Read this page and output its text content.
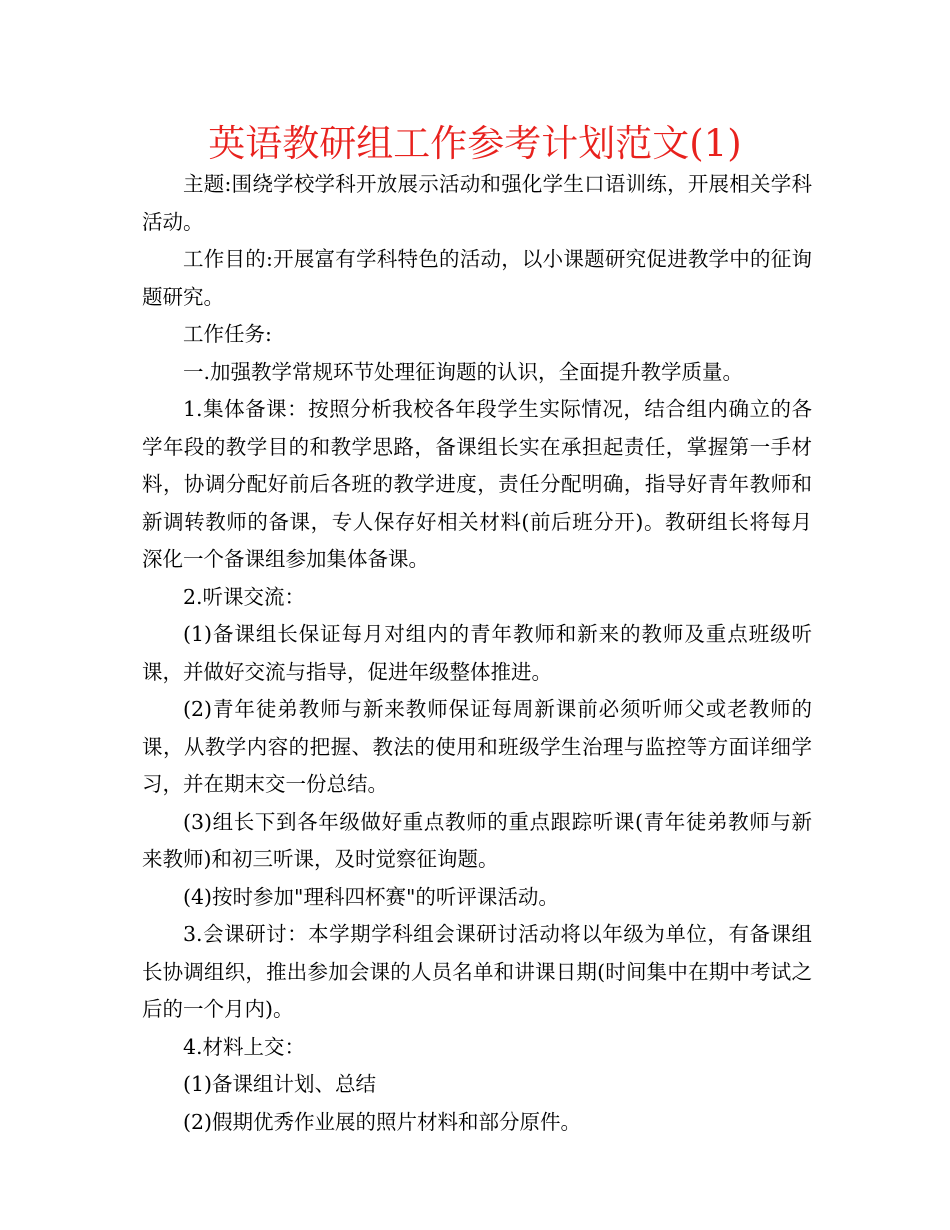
英语教研组工作参考计划范文(1)

主题:围绕学校学科开放展示活动和强化学生口语训练，开展相关学科活动。

工作目的:开展富有学科特色的活动，以小课题研究促进教学中的征询题研究。

工作任务:

一.加强教学常规环节处理征询题的认识，全面提升教学质量。

1.集体备课：按照分析我校各年段学生实际情况，结合组内确立的各学年段的教学目的和教学思路，备课组长实在承担起责任，掌握第一手材料，协调分配好前后各班的教学进度，责任分配明确，指导好青年教师和新调转教师的备课，专人保存好相关材料(前后班分开)。教研组长将每月深化一个备课组参加集体备课。

2.听课交流：

(1)备课组长保证每月对组内的青年教师和新来的教师及重点班级听课，并做好交流与指导，促进年级整体推进。

(2)青年徒弟教师与新来教师保证每周新课前必须听师父或老教师的课，从教学内容的把握、教法的使用和班级学生治理与监控等方面详细学习，并在期末交一份总结。

(3)组长下到各年级做好重点教师的重点跟踪听课(青年徒弟教师与新来教师)和初三听课，及时觉察征询题。

(4)按时参加"理科四杯赛"的听评课活动。

3.会课研讨：本学期学科组会课研讨活动将以年级为单位，有备课组长协调组织，推出参加会课的人员名单和讲课日期(时间集中在期中考试之后的一个月内)。

4.材料上交：

(1)备课组计划、总结

(2)假期优秀作业展的照片材料和部分原件。
